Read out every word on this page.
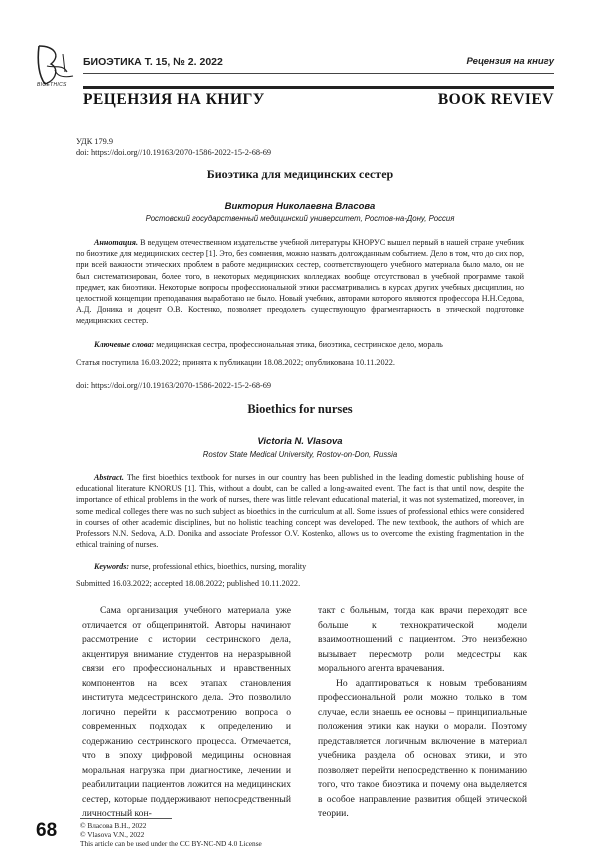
BIOETHICS
БИОЭТИКА Т. 15, № 2. 2022	Рецензия на книгу
РЕЦЕНЗИЯ НА КНИГУ	BOOK REVIEV
УДК 179.9
doi: https://doi.org//10.19163/2070-1586-2022-15-2-68-69
Биоэтика для медицинских сестер
Виктория Николаевна Власова
Ростовский государственный медицинский университет, Ростов-на-Дону, Россия

Аннотация. В ведущем отечественном издательстве учебной литературы КНОРУС вышел первый в нашей стране учебник по биоэтике для медицинских сестер [1]. Это, без сомнения, можно назвать долгожданным событием. Дело в том, что до сих пор, при всей важности этических проблем в работе медицинских сестер, соответствующего учебного материала было мало, он не был систематизирован, более того, в некоторых медицинских колледжах вообще отсутствовал в учебной программе такой предмет, как биоэтики. Некоторые вопросы профессиональной этики рассматривались в курсах других учебных дисциплин, но целостной концепции преподавания выработано не было. Новый учебник, авторами которого являются профессора Н.Н.Седова, А.Д. Доника и доцент О.В. Костенко, позволяет преодолеть существующую фрагментарность в этической подготовке медицинских сестер.

Ключевые слова: медицинская сестра, профессиональная этика, биоэтика, сестринское дело, мораль
Статья поступила 16.03.2022; принята к публикации 18.08.2022; опубликована 10.11.2022.
doi: https://doi.org//10.19163/2070-1586-2022-15-2-68-69
Bioethics for nurses
Victoria N. Vlasova
Rostov State Medical University, Rostov-on-Don, Russia

Abstract. The first bioethics textbook for nurses in our country has been published in the leading domestic publishing house of educational literature KNORUS [1]. This, without a doubt, can be called a long-awaited event. The fact is that until now, despite the importance of ethical problems in the work of nurses, there was little relevant educational material, it was not systematized, moreover, in some medical colleges there was no such subject as bioethics in the curriculum at all. Some issues of professional ethics were considered in courses of other academic disciplines, but no holistic teaching concept was developed. The new textbook, the authors of which are Professors N.N. Sedova, A.D. Donika and associate Professor O.V. Kostenko, allows us to overcome the existing fragmentation in the ethical training of nurses.

Keywords: nurse, professional ethics, bioethics, nursing, morality
Submitted 16.03.2022; accepted 18.08.2022; published 10.11.2022.

Сама организация учебного материала уже отличается от общепринятой. Авторы начинают рассмотрение с истории сестринского дела, акцентируя внимание студентов на неразрывной связи его профессиональных и нравственных компонентов на всех этапах становления института медсестринского дела. Это позволило логично перейти к рассмотрению вопроса о современных подходах к определению и содержанию сестринского процесса. Отмечается, что в эпоху цифровой медицины основная моральная нагрузка при диагностике, лечении и реабилитации пациентов ложится на медицинских сестер, которые поддерживают непосредственный личностный кон-

такт с больным, тогда как врачи переходят все больше к технократической модели взаимоотношений с пациентом. Это неизбежно вызывает пересмотр роли медсестры как морального агента врачевания.

Но адаптироваться к новым требованиям профессиональной роли можно только в том случае, если знаешь ее основы – принципиальные положения этики как науки о морали. Поэтому представляется логичным включение в материал учебника раздела об основах этики, и это позволяет перейти непосредственно к пониманию того, что такое биоэтика и почему она выделяется в особое направление развития общей этической теории.

68	© Власова В.Н., 2022
© Vlasova V.N., 2022
This article can be used under the CC BY-NC-ND 4.0 License
